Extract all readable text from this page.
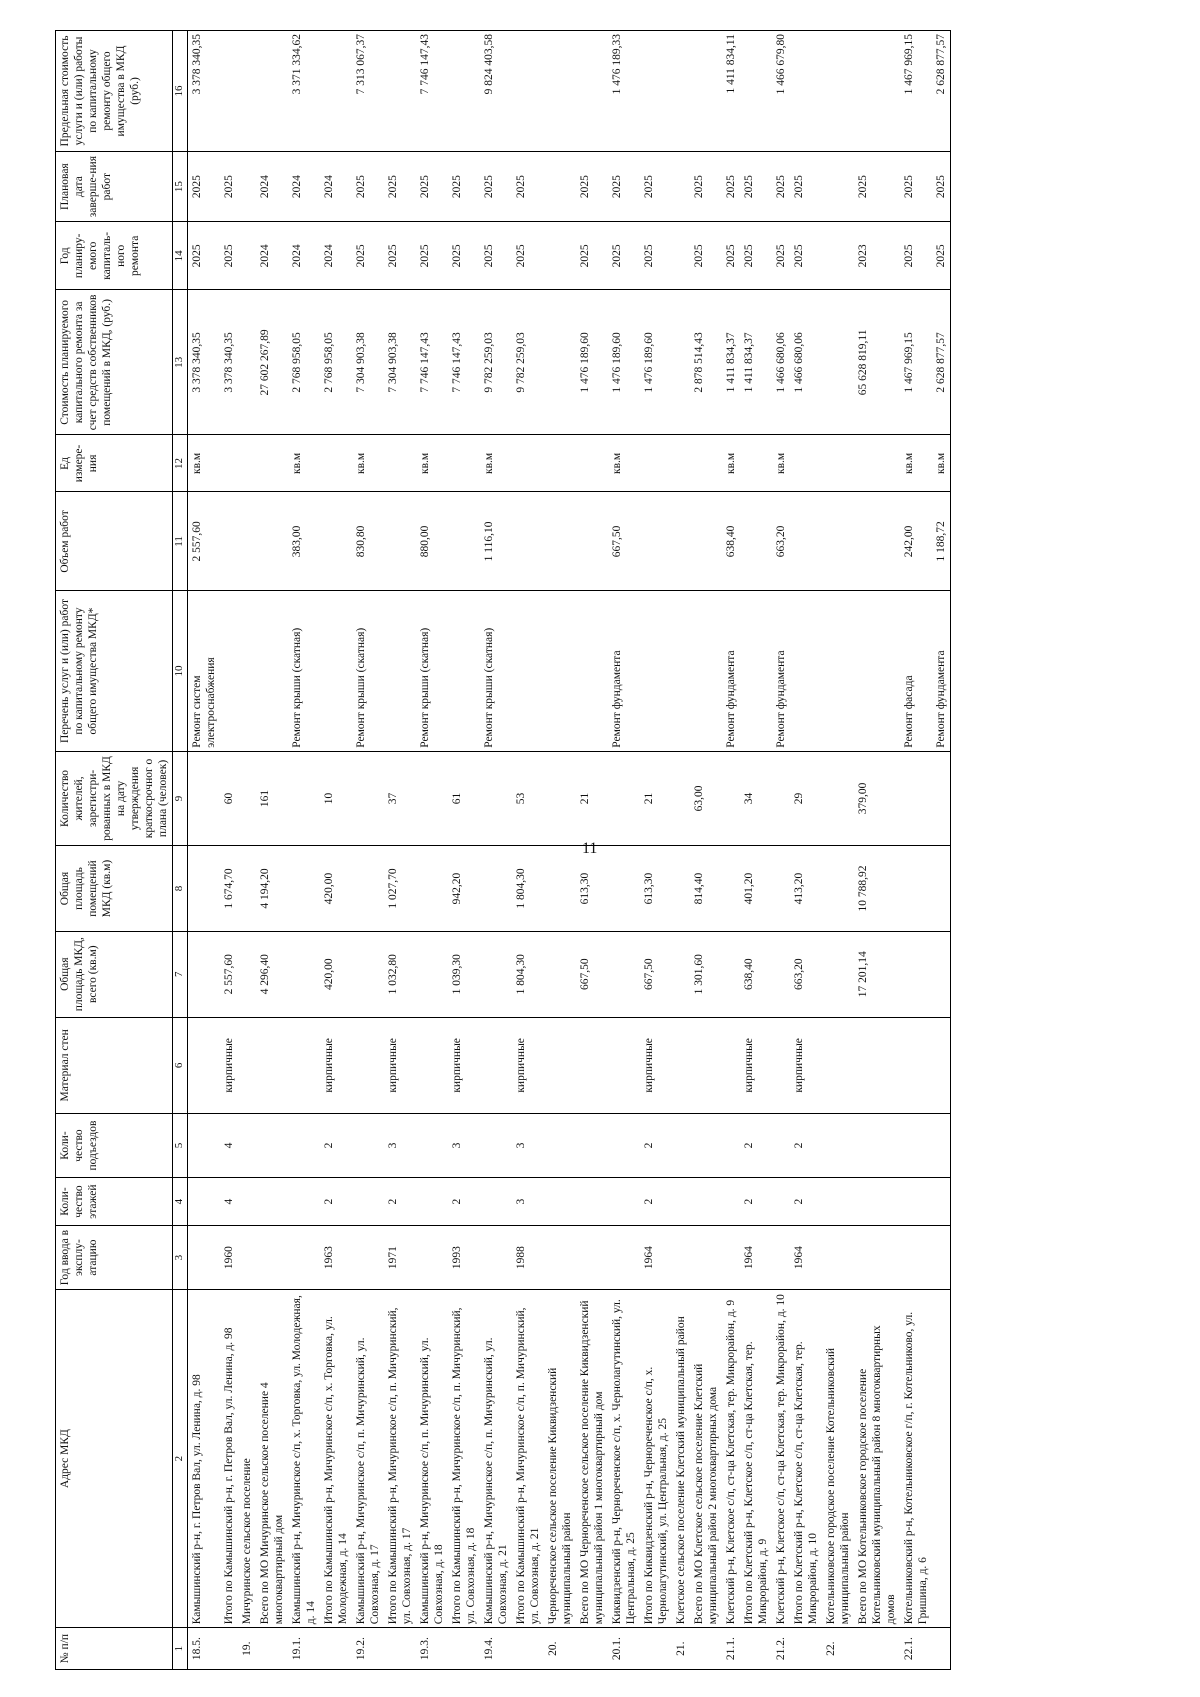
11
№ п/п	Адрес МКД	Год ввода в эксплу-атацию	Коли-чество этажей	Коли-чество подъездов	Материал стен	Общая площадь МКД, всего (кв.м)	Общая площадь помещений МКД (кв.м)	Количество жителей, зарегистри-рованных в МКД на дату утверждения краткосрочног о плана (человек)	Перечень услуг и (или) работ по капитальному ремонту общего имущества МКД*	Объем работ	Ед измере-ния	Стоимость планируемого капитального ремонта за счет средств собственников помещений в МКД, (руб.)	Год планиру-емого капиталь-ного ремонта	Плановая дата заверше-ния работ	Предельная стоимость услуги и (или) работы по капитальному ремонту общего имущества в МКД (руб.)
1	2	3	4	5	6	7	8	9	10	11	12	13	14	15	16
18.5.	Камышинский р-н, г. Петров Вал, ул. Ленина, д. 98								Ремонт систем электроснабжения	2 557,60	кв.м	3 378 340,35	2025	2025	3 378 340,35
	Итого по Камышинский р-н, г. Петров Вал, ул. Ленина, д. 98	1960	4	4	кирпичные	2 557,60	1 674,70	60				3 378 340,35	2025	2025	
19.	Мичуринское сельское поселение														
	Всего по МО Мичуринское сельское поселение 4 многоквартирный дом					4 296,40	4 194,20	161				27 602 267,89	2024	2024	
19.1.	Камышинский р-н, Мичуринское с/п, х. Торговка, ул. Молодежная, д. 14								Ремонт крыши (скатная)	383,00	кв.м	2 768 958,05	2024	2024	3 371 334,62
	Итого по Камышинский р-н, Мичуринское с/п, х. Торговка, ул. Молодежная, д. 14	1963	2	2	кирпичные	420,00	420,00	10				2 768 958,05	2024	2024	
19.2.	Камышинский р-н, Мичуринское с/п, п. Мичуринский, ул. Совхозная, д. 17								Ремонт крыши (скатная)	830,80	кв.м	7 304 903,38	2025	2025	7 313 067,37
	Итого по Камышинский р-н, Мичуринское с/п, п. Мичуринский, ул. Совхозная, д. 17	1971	2	3	кирпичные	1 032,80	1 027,70	37				7 304 903,38	2025	2025	
19.3.	Камышинский р-н, Мичуринское с/п, п. Мичуринский, ул. Совхозная, д. 18								Ремонт крыши (скатная)	880,00	кв.м	7 746 147,43	2025	2025	7 746 147,43
	Итого по Камышинский р-н, Мичуринское с/п, п. Мичуринский, ул. Совхозная, д. 18	1993	2	3	кирпичные	1 039,30	942,20	61				7 746 147,43	2025	2025	
19.4.	Камышинский р-н, Мичуринское с/п, п. Мичуринский, ул. Совхозная, д. 21								Ремонт крыши (скатная)	1 116,10	кв.м	9 782 259,03	2025	2025	9 824 403,58
	Итого по Камышинский р-н, Мичуринское с/п, п. Мичуринский, ул. Совхозная, д. 21	1988	3	3	кирпичные	1 804,30	1 804,30	53				9 782 259,03	2025	2025	
20.	Чернореченское сельское поселение Киквидзенский муниципальный район														
	Всего по МО Чернореченское сельское поселение Киквидзенский муниципальный район 1 многоквартирный дом					667,50	613,30	21				1 476 189,60	2025	2025	
20.1.	Киквидзенский р-н, Чернореченское с/п, х. Чернолагутинский, ул. Центральная, д. 25								Ремонт фундамента	667,50	кв.м	1 476 189,60	2025	2025	1 476 189,33
	Итого по Киквидзенский р-н, Чернореченское с/п, х. Чернолагутинский, ул. Центральная, д. 25	1964	2	2	кирпичные	667,50	613,30	21				1 476 189,60	2025	2025	
21.	Клетское сельское поселение Клетский муниципальный район														
	Всего по МО Клетское сельское поселение Клетский муниципальный район 2 многоквартирных дома					1 301,60	814,40	63,00				2 878 514,43	2025	2025	
21.1.	Клетский р-н, Клетское с/п, ст-ца Клетская, тер. Микрорайон, д. 9								Ремонт фундамента	638,40	кв.м	1 411 834,37	2025	2025	1 411 834,11
	Итого по Клетский р-н, Клетское с/п, ст-ца Клетская, тер. Микрорайон, д. 9	1964	2	2	кирпичные	638,40	401,20	34				1 411 834,37	2025	2025	
21.2.	Клетский р-н, Клетское с/п, ст-ца Клетская, тер. Микрорайон, д. 10								Ремонт фундамента	663,20	кв.м	1 466 680,06	2025	2025	1 466 679,80
	Итого по Клетский р-н, Клетское с/п, ст-ца Клетская, тер. Микрорайон, д. 10	1964	2	2	кирпичные	663,20	413,20	29				1 466 680,06	2025	2025	
22.	Котельниковское городское поселение Котельниковский муниципальный район														
	Всего по МО Котельниковское городское поселение Котельниковский муниципальный район 8 многоквартирных домов					17 201,14	10 788,92	379,00				65 628 819,11	2023	2025	
22.1.	Котельниковский р-н, Котельниковское г/п, г. Котельниково, ул. Гришина, д. 6								Ремонт фасада	242,00	кв.м	1 467 969,15	2025	2025	1 467 969,15
									Ремонт фундамента	1 188,72	кв.м	2 628 877,57	2025	2025	2 628 877,57
